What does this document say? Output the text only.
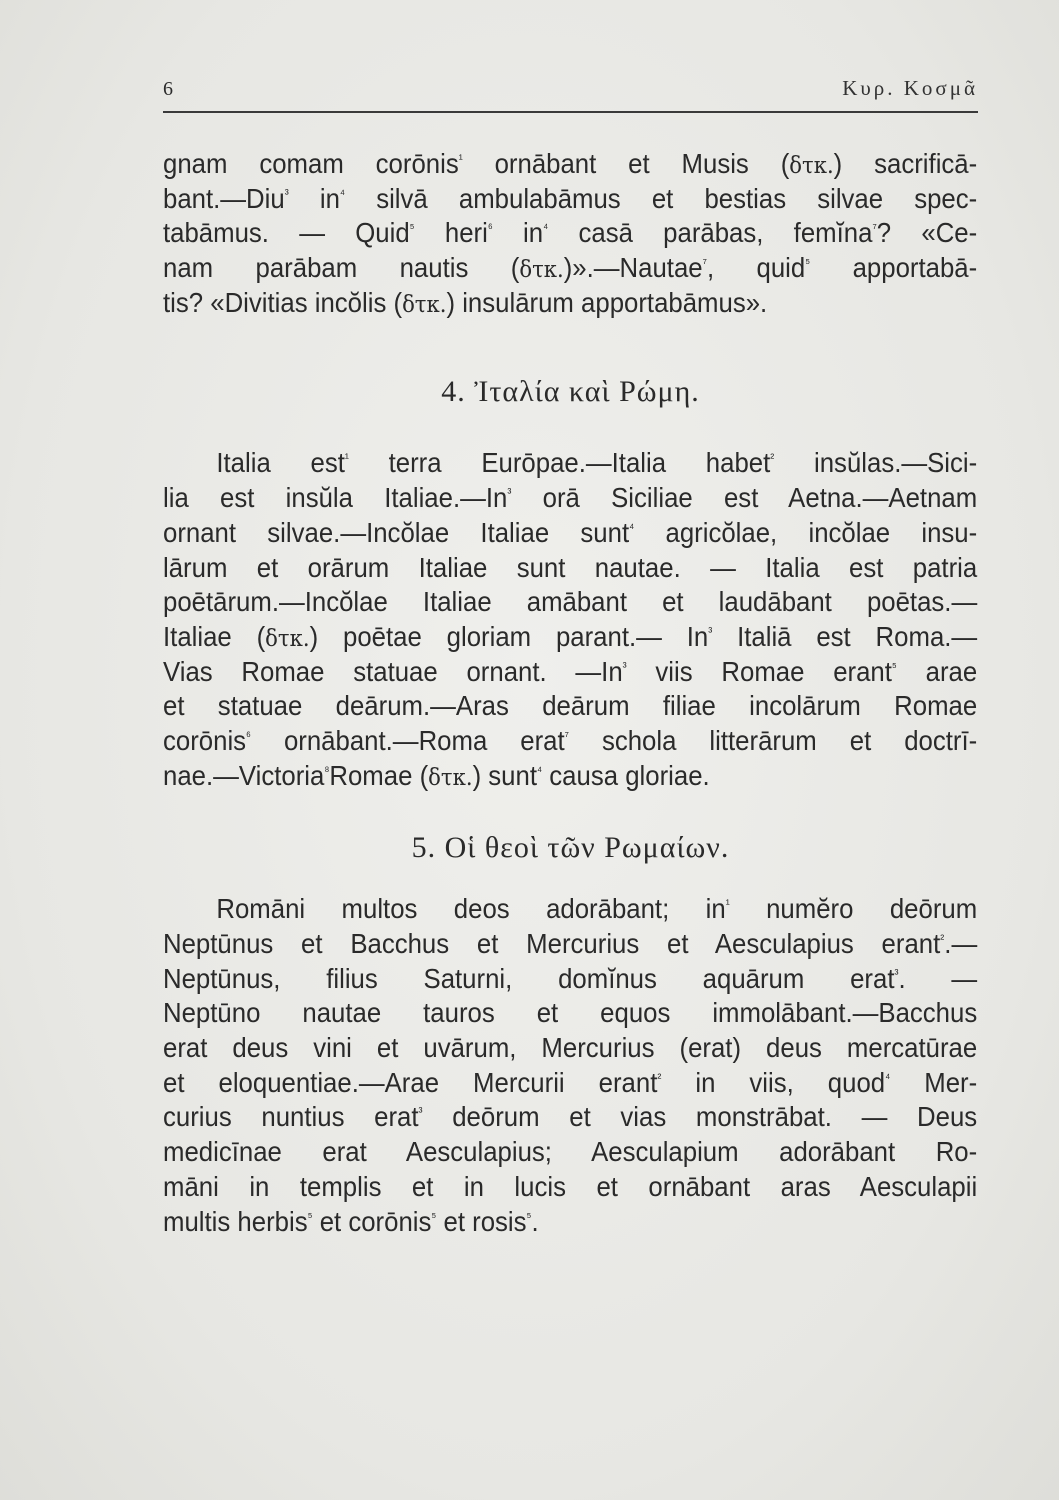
6	Κυρ. Κοσμᾶ
gnam comam corōnis$^{^1}$ ornābant et Musis (δτκ.) sacrificā-
bant.—Diu$^{^3}$ $in^{^4}$ silvā ambulabāmus et bestias silvae spec-
tabāmus. — Quid$^{^5}$ heri$^{^6}$ $in^{^4}$ casā parābas, femĭna$^{^7}$? «Ce-
nam parābam nautis (δτκ.)».—Nautae$^{^7}$, quid$^{^5}$ apportabā-
tis? «Divitias incŏlis (δτκ.) insulārum apportabāmus».
4. Ἰταλία καὶ Ρώμη.
Italia est$^{^1}$ terra Eurōpae.—Italia habet$^{^2}$ insŭlas.—Sici-
lia est insŭla $Italiae.—In^{^3}$ orā Siciliae est Aetna.—Aetnam
ornant silvae.—Incŏlae Italiae sunt$^{^4}$ agricŏlae, incŏlae insu-
lārum et orārum Italiae sunt nautae. — Italia est patria
poētārum.—Incŏlae Italiae amābant et laudābant poētas.—
Italiae (δτκ.) poētae gloriam parant.— $In^{^3}$ Italiā est Roma.—
Vias Romae statuae ornant. $—In^{^3}$ viis Romae erant$^{^5}$ arae
et statuae deārum.—Aras deārum filiae incolārum Romae
corōnis$^{^6}$ ornābant.—Roma erat$^{^7}$ schola litterārum et doctrī-
nae.—Victoria$^{^8}$Romae (δτκ.) sunt$^{^4}$ causa gloriae.
5. Οἱ θεοὶ τῶν Ρωμαίων.
Romāni multos deos adorābant; $in^{^1}$ numĕro deōrum
Neptūnus et Bacchus et Mercurius et Aesculapius erant$^{^2}$.—
Neptūnus, filius Saturni, domĭnus aquārum erat$^{^3}$. —
Neptūno nautae tauros et equos immolābant.—Bacchus
erat deus vini et uvārum, Mercurius (erat) deus mercatūrae
et eloquentiae.—Arae Mercurii erant$^{^2}$ in viis, quod$^{^4}$ Mer-
curius nuntius erat$^{^3}$ deōrum et vias monstrābat. — Deus
medicīnae erat Aesculapius; Aesculapium adorābant Ro-
māni in templis et in lucis et ornābant aras Aesculapii
multis herbis$^{^5}$ et corōnis$^{^5}$ et rosis$^{^5}$.
